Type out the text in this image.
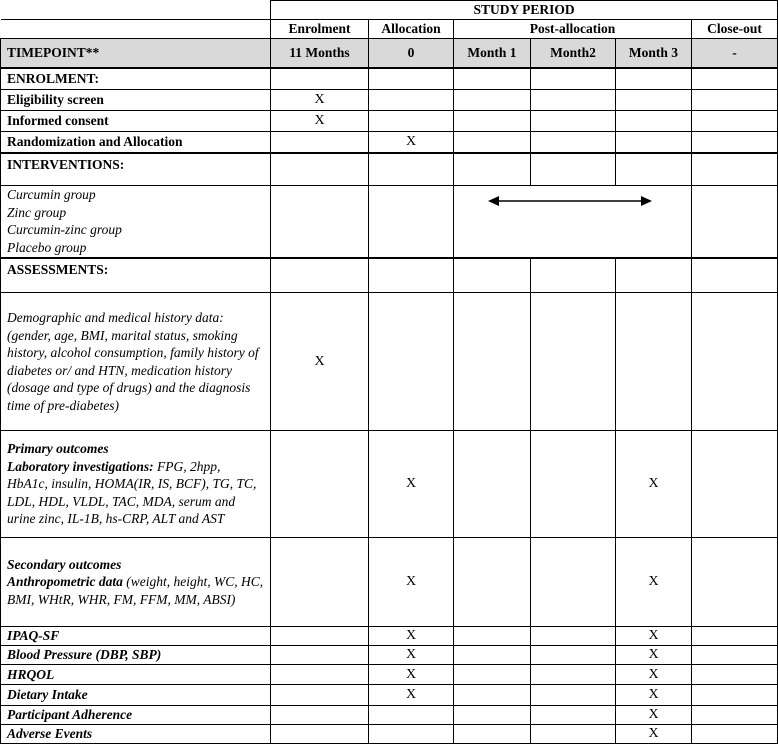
	STUDY PERIOD					
	Enrolment	Allocation	Post-allocation			Close-out
TIMEPOINT**	11 Months	0	Month 1	Month2	Month 3	-
ENROLMENT:						
Eligibility screen	X					
Informed consent	X					
Randomization and Allocation		X				
INTERVENTIONS:						

Curcumin group
Zinc group
Curcumin-zinc group
Placebo group

ASSESSMENTS:						
Demographic and medical history data: (gender, age, BMI, marital status, smoking history, alcohol consumption, family history of diabetes or/ and HTN, medication history (dosage and type of drugs) and the diagnosis time of pre-diabetes)	X					

Primary outcomes
Laboratory investigations: FPG, 2hpp, HbA1c, insulin, HOMA(IR, IS, BCF), TG, TC, LDL, HDL, VLDL, TAC, MDA, serum and urine zinc, IL-1B, hs-CRP, ALT and AST		X			X	

Secondary outcomes
Anthropometric data (weight, height, WC, HC, BMI, WHtR, WHR, FM, FFM, MM, ABSI)		X			X	
IPAQ-SF		X			X	
Blood Pressure (DBP, SBP)		X			X	
HRQOL		X			X	
Dietary Intake		X			X	
Participant Adherence					X	
Adverse Events					X	
